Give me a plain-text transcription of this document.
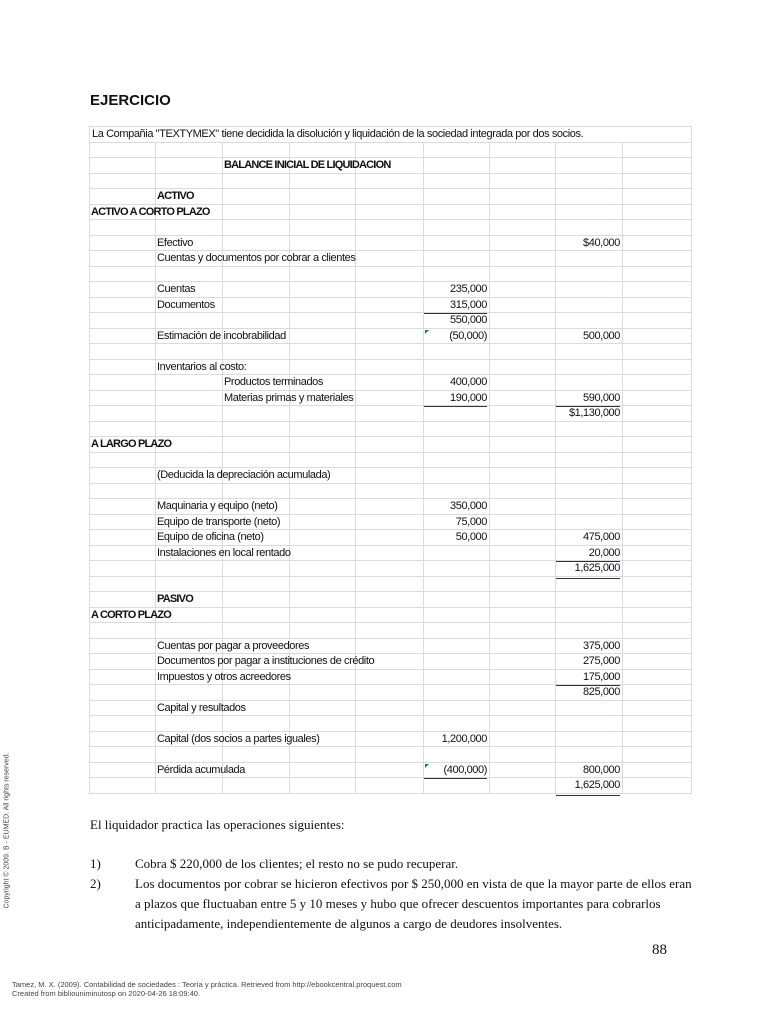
EJERCICIO
La Compañia "TEXTYMEX" tiene decidida la disolución y liquidación de la sociedad integrada por dos socios.
BALANCE INICIAL DE LIQUIDACION
ACTIVO
ACTIVO A CORTO PLAZO
Efectivo	$40,000
Cuentas y documentos por cobrar a clientes
Cuentas	235,000
Documentos	315,000
550,000
Estimación de incobrabilidad	(50,000)	500,000
Inventarios al costo:
Productos terminados	400,000
Materias primas y materiales	190,000	590,000
$1,130,000
A LARGO PLAZO
(Deducida la depreciación acumulada)
Maquinaria y equipo (neto)	350,000
Equipo de transporte (neto)	75,000
Equipo de oficina (neto)	50,000	475,000
Instalaciones en local rentado	20,000
1,625,000
PASIVO
A CORTO PLAZO
Cuentas por pagar a proveedores	375,000
Documentos por pagar a instituciones de crédito	275,000
Impuestos y otros acreedores	175,000
825,000
Capital y resultados
Capital (dos socios a partes iguales)	1,200,000
Pérdida acumulada	(400,000)	800,000
1,625,000
El liquidador practica las operaciones siguientes:
1)	Cobra $ 220,000 de los clientes; el resto no se pudo recuperar.
2)	Los documentos por cobrar se hicieron efectivos por $ 250,000 en vista de que la mayor parte de ellos eran a plazos que fluctuaban entre 5 y 10 meses y hubo que ofrecer descuentos importantes para cobrarlos anticipadamente, independientemente de algunos a cargo de deudores insolventes.
88
Copyright © 2009. B - EUMED. All rights reserved.
Tamez, M. X. (2009). Contabilidad de sociedades : Teoría y práctica. Retrieved from http://ebookcentral.proquest.com
Created from bibliouniminutosp on 2020-04-26 18:09:40.
